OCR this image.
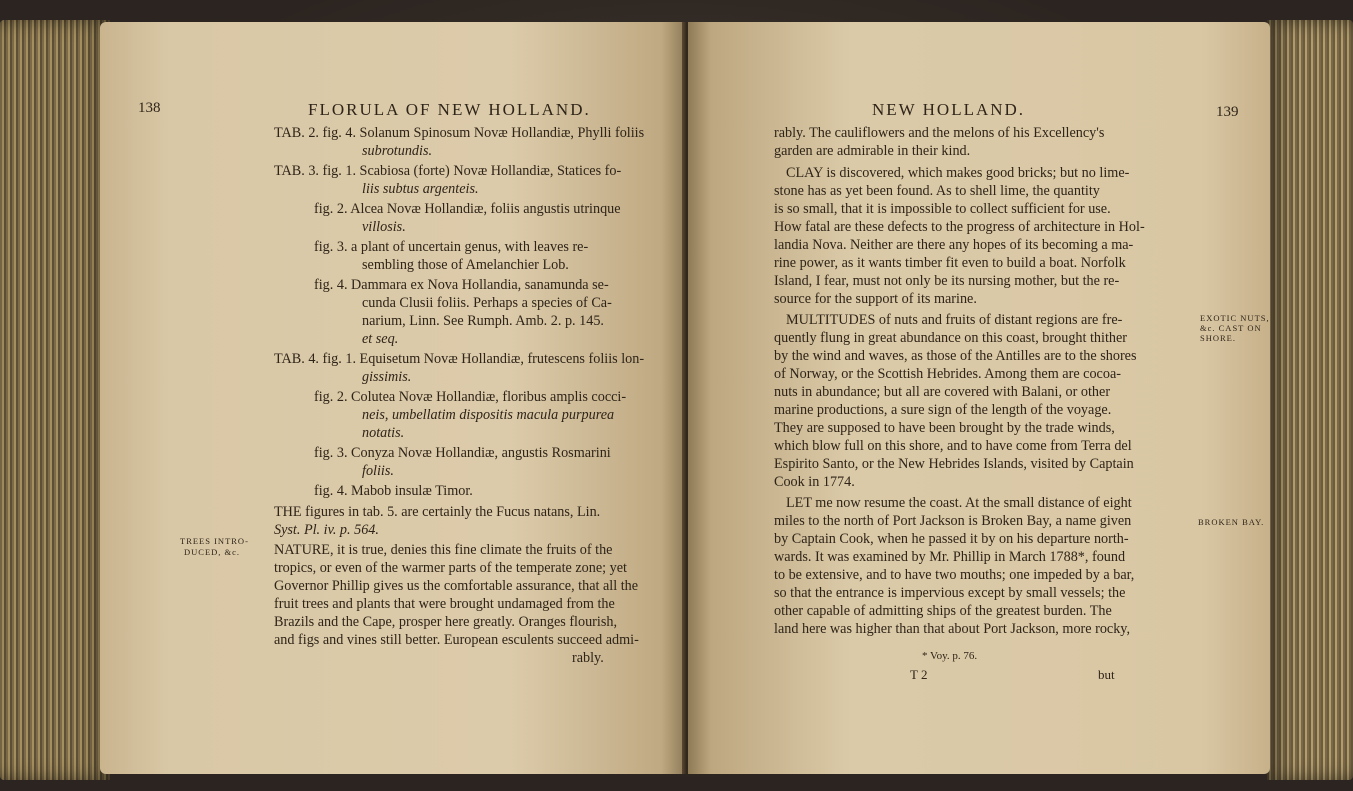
138	FLORULA OF NEW HOLLAND.
TAB. 2. fig. 4. Solanum Spinosum Novæ Hollandiæ, Phylli foliis
subrotundis.
TAB. 3. fig. 1. Scabiosa (forte) Novæ Hollandiæ, Statices fo-
liis subtus argenteis.
fig. 2. Alcea Novæ Hollandiæ, foliis angustis utrinque
villosis.
fig. 3. a plant of uncertain genus, with leaves re-
sembling those of Amelanchier Lob.
fig. 4. Dammara ex Nova Hollandia, sanamunda se-
cunda Clusii foliis. Perhaps a species of Ca-
narium, Linn. See Rumph. Amb. 2. p. 145.
et seq.
TAB. 4. fig. 1. Equisetum Novæ Hollandiæ, frutescens foliis lon-
gissimis.
fig. 2. Colutea Novæ Hollandiæ, floribus amplis cocci-
neis, umbellatim dispositis macula purpurea
notatis.
fig. 3. Conyza Novæ Hollandiæ, angustis Rosmarini
foliis.
fig. 4. Mabob insulæ Timor.
THE figures in tab. 5. are certainly the Fucus natans, Lin.
Syst. Pl. iv. p. 564.
NATURE, it is true, denies this fine climate the fruits of the
tropics, or even of the warmer parts of the temperate zone; yet
Governor Phillip gives us the comfortable assurance, that all the
fruit trees and plants that were brought undamaged from the
Brazils and the Cape, prosper here greatly. Oranges flourish,
and figs and vines still better. European esculents succeed admi-
rably.
TREES INTRO-
DUCED, &c.
NEW HOLLAND.	139
rably. The cauliflowers and the melons of his Excellency's
garden are admirable in their kind.
CLAY is discovered, which makes good bricks; but no lime-
stone has as yet been found. As to shell lime, the quantity
is so small, that it is impossible to collect sufficient for use.
How fatal are these defects to the progress of architecture in Hol-
landia Nova. Neither are there any hopes of its becoming a ma-
rine power, as it wants timber fit even to build a boat. Norfolk
Island, I fear, must not only be its nursing mother, but the re-
source for the support of its marine.
MULTITUDES of nuts and fruits of distant regions are fre-
quently flung in great abundance on this coast, brought thither
by the wind and waves, as those of the Antilles are to the shores
of Norway, or the Scottish Hebrides. Among them are cocoa-
nuts in abundance; but all are covered with Balani, or other
marine productions, a sure sign of the length of the voyage.
They are supposed to have been brought by the trade winds,
which blow full on this shore, and to have come from Terra del
Espirito Santo, or the New Hebrides Islands, visited by Captain
Cook in 1774.
LET me now resume the coast. At the small distance of eight
miles to the north of Port Jackson is Broken Bay, a name given
by Captain Cook, when he passed it by on his departure north-
wards. It was examined by Mr. Phillip in March 1788*, found
to be extensive, and to have two mouths; one impeded by a bar,
so that the entrance is impervious except by small vessels; the
other capable of admitting ships of the greatest burden. The
land here was higher than that about Port Jackson, more rocky,
EXOTIC NUTS,
&c. CAST ON
SHORE.
BROKEN BAY.
* Voy. p. 76.
T 2	but
